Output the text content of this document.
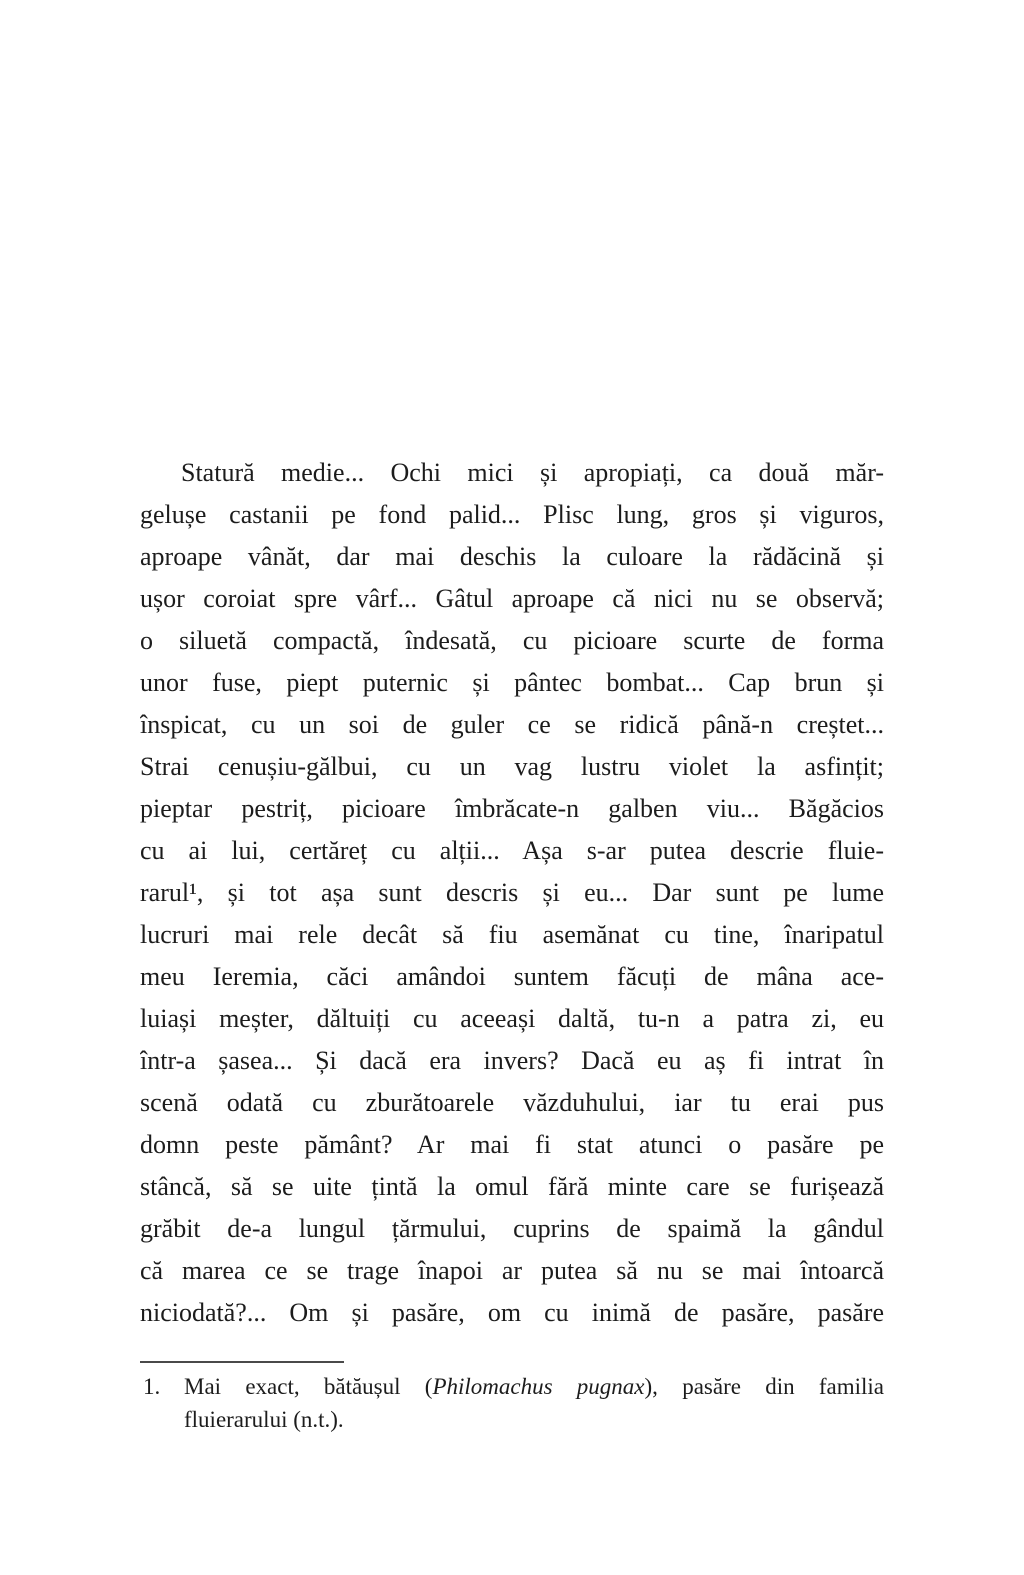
Statură medie... Ochi mici și apropiați, ca două măr-
gelușe castanii pe fond palid... Plisc lung, gros și viguros,
aproape vânăt, dar mai deschis la culoare la rădăcină și
ușor coroiat spre vârf... Gâtul aproape că nici nu se observă;
o siluetă compactă, îndesată, cu picioare scurte de forma
unor fuse, piept puternic și pântec bombat... Cap brun și
înspicat, cu un soi de guler ce se ridică până-n creștet...
Strai cenușiu-gălbui, cu un vag lustru violet la asfințit;
pieptar pestriț, picioare îmbrăcate-n galben viu... Băgăcios
cu ai lui, certăreț cu alții... Așa s-ar putea descrie fluie-
rarul¹, și tot așa sunt descris și eu... Dar sunt pe lume
lucruri mai rele decât să fiu asemănat cu tine, înaripatul
meu Ieremia, căci amândoi suntem făcuți de mâna ace-
luiași meșter, dăltuiți cu aceeași daltă, tu-n a patra zi, eu
într-a șasea... Și dacă era invers? Dacă eu aș fi intrat în
scenă odată cu zburătoarele văzduhului, iar tu erai pus
domn peste pământ? Ar mai fi stat atunci o pasăre pe
stâncă, să se uite țintă la omul fără minte care se furișează
grăbit de-a lungul țărmului, cuprins de spaimă la gândul
că marea ce se trage înapoi ar putea să nu se mai întoarcă
niciodată?... Om și pasăre, om cu inimă de pasăre, pasăre
1.	Mai exact, bătăușul (Philomachus pugnax), pasăre din familia
fluierarului (n.t.).
